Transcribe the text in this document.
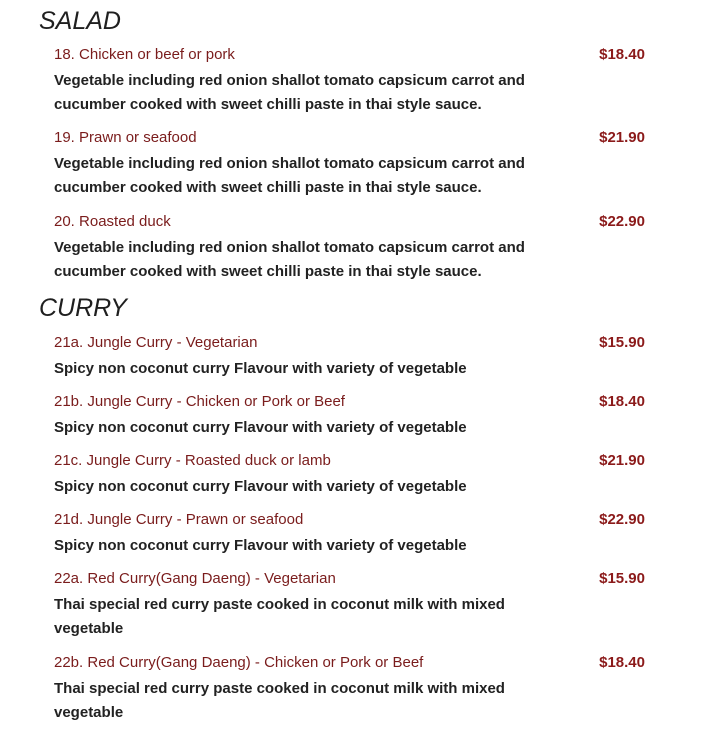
SALAD
18. Chicken or beef or pork	$18.40
Vegetable including red onion shallot tomato capsicum carrot and cucumber cooked with sweet chilli paste in thai style sauce.
19. Prawn or seafood	$21.90
Vegetable including red onion shallot tomato capsicum carrot and cucumber cooked with sweet chilli paste in thai style sauce.
20. Roasted duck	$22.90
Vegetable including red onion shallot tomato capsicum carrot and cucumber cooked with sweet chilli paste in thai style sauce.
CURRY
21a. Jungle Curry - Vegetarian	$15.90
Spicy non coconut curry Flavour with variety of vegetable
21b. Jungle Curry - Chicken or Pork or Beef	$18.40
Spicy non coconut curry Flavour with variety of vegetable
21c. Jungle Curry - Roasted duck or lamb	$21.90
Spicy non coconut curry Flavour with variety of vegetable
21d. Jungle Curry - Prawn or seafood	$22.90
Spicy non coconut curry Flavour with variety of vegetable
22a. Red Curry(Gang Daeng) - Vegetarian	$15.90
Thai special red curry paste cooked in coconut milk with mixed vegetable
22b. Red Curry(Gang Daeng) - Chicken or Pork or Beef	$18.40
Thai special red curry paste cooked in coconut milk with mixed vegetable
